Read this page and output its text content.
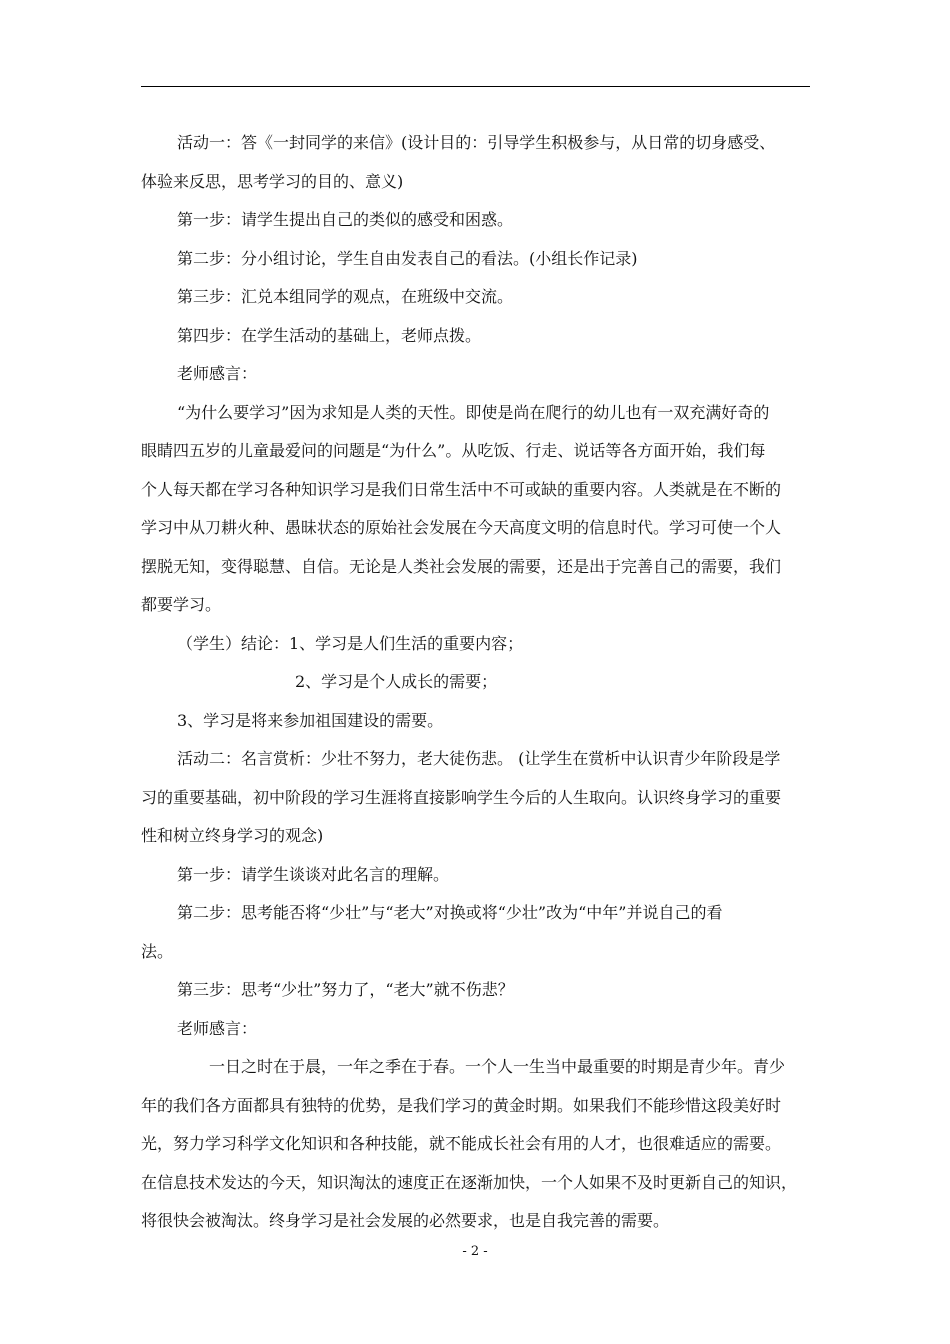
活动一：答《一封同学的来信》(设计目的：引导学生积极参与，从日常的切身感受、
体验来反思，思考学习的目的、意义)
第一步：请学生提出自己的类似的感受和困惑。
第二步：分小组讨论，学生自由发表自己的看法。(小组长作记录)
第三步：汇兑本组同学的观点，在班级中交流。
第四步：在学生活动的基础上，老师点拨。
老师感言：
“为什么要学习”因为求知是人类的天性。即使是尚在爬行的幼儿也有一双充满好奇的
眼睛四五岁的儿童最爱问的问题是“为什么”。从吃饭、行走、说话等各方面开始，我们每
个人每天都在学习各种知识学习是我们日常生活中不可或缺的重要内容。人类就是在不断的
学习中从刀耕火种、愚昧状态的原始社会发展在今天高度文明的信息时代。学习可使一个人
摆脱无知，变得聪慧、自信。无论是人类社会发展的需要，还是出于完善自己的需要，我们
都要学习。
（学生）结论：1、学习是人们生活的重要内容；
2、学习是个人成长的需要；
3、学习是将来参加祖国建设的需要。
活动二：名言赏析：少壮不努力，老大徒伤悲。 (让学生在赏析中认识青少年阶段是学
习的重要基础，初中阶段的学习生涯将直接影响学生今后的人生取向。认识终身学习的重要
性和树立终身学习的观念)
第一步：请学生谈谈对此名言的理解。
第二步：思考能否将“少壮”与“老大”对换或将“少壮”改为“中年”并说自己的看
法。
第三步：思考“少壮”努力了，“老大”就不伤悲？
老师感言：
一日之时在于晨，一年之季在于春。一个人一生当中最重要的时期是青少年。青少
年的我们各方面都具有独特的优势，是我们学习的黄金时期。如果我们不能珍惜这段美好时
光，努力学习科学文化知识和各种技能，就不能成长社会有用的人才，也很难适应的需要。
在信息技术发达的今天，知识淘汰的速度正在逐渐加快，一个人如果不及时更新自己的知识，
将很快会被淘汰。终身学习是社会发展的必然要求，也是自我完善的需要。
- 2 -
